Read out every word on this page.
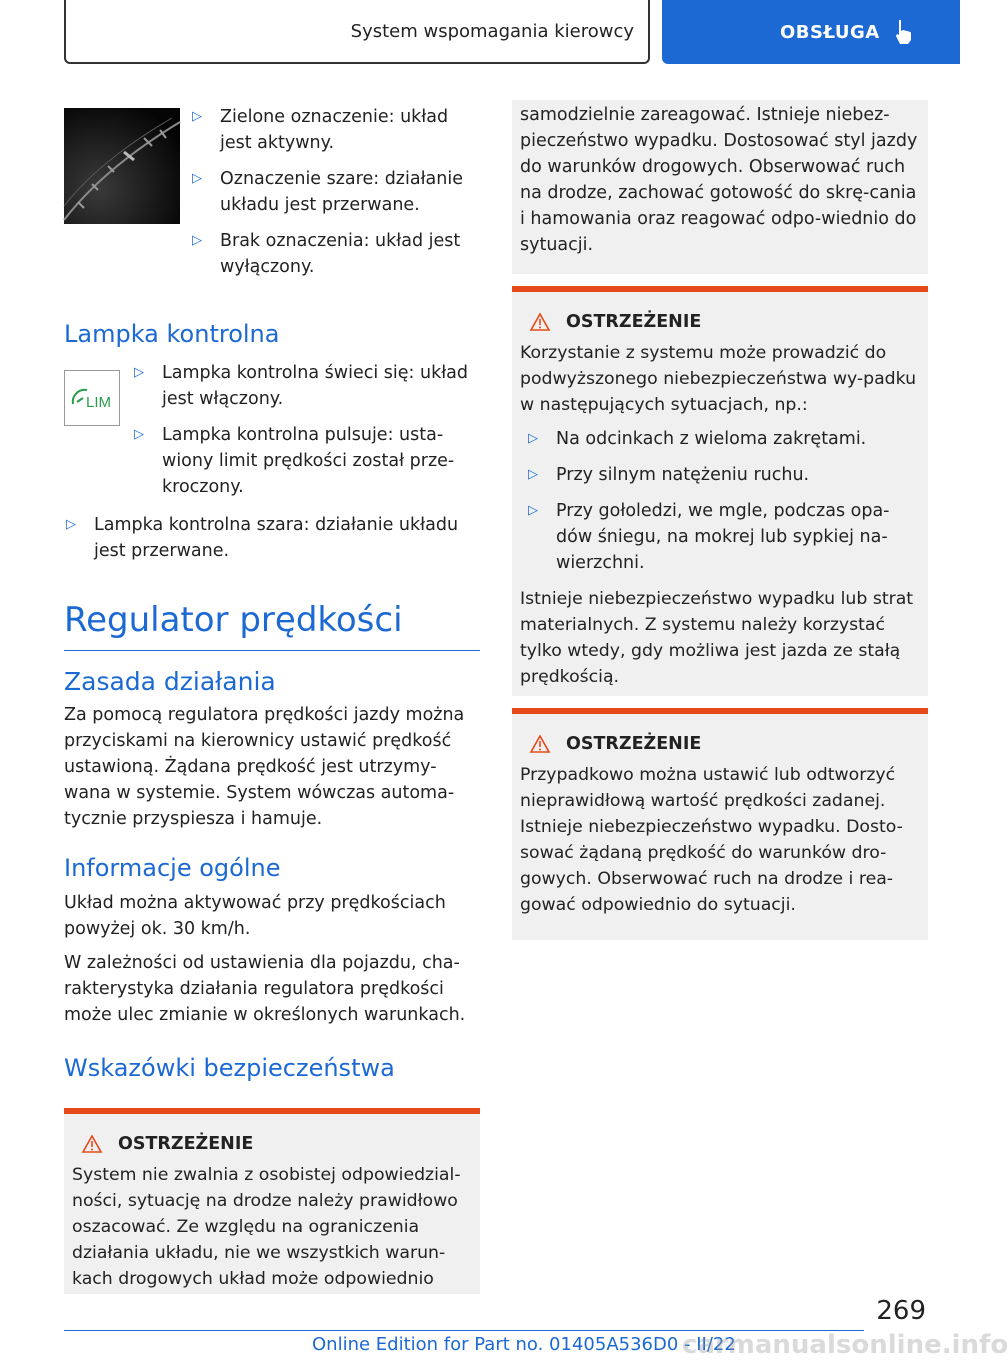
System wspomagania kierowcy	OBSŁUGA
▷	Zielone oznaczenie: układ jest aktywny.
▷	Oznaczenie szare: działanie układu jest przerwane.
▷	Brak oznaczenia: układ jest wyłączony.
Lampka kontrolna
LIM
▷	Lampka kontrolna świeci się: układ jest włączony.
▷	Lampka kontrolna pulsuje: usta-wiony limit prędkości został prze-kroczony.
▷	Lampka kontrolna szara: działanie układu jest przerwane.
Regulator prędkości
Zasada działania

Za pomocą regulatora prędkości jazdy można przyciskami na kierownicy ustawić prędkość ustawioną. Żądana prędkość jest utrzymy-wana w systemie. System wówczas automa-tycznie przyspiesza i hamuje.

Informacje ogólne

Układ można aktywować przy prędkościach powyżej ok. 30 km/h.

W zależności od ustawienia dla pojazdu, cha-rakterystyka działania regulatora prędkości może ulec zmianie w określonych warunkach.

Wskazówki bezpieczeństwa
OSTRZEŻENIE

System nie zwalnia z osobistej odpowiedzial-ności, sytuację na drodze należy prawidłowo oszacować. Ze względu na ograniczenia działania układu, nie we wszystkich warun-kach drogowych układ może odpowiednio

samodzielnie zareagować. Istnieje niebez-pieczeństwo wypadku. Dostosować styl jazdy do warunków drogowych. Obserwować ruch na drodze, zachować gotowość do skrę-cania i hamowania oraz reagować odpo-wiednio do sytuacji.

OSTRZEŻENIE

Korzystanie z systemu może prowadzić do podwyższonego niebezpieczeństwa wy-padku w następujących sytuacjach, np.:

▷	Na odcinkach z wieloma zakrętami.
▷	Przy silnym natężeniu ruchu.
▷	Przy gołoledzi, we mgle, podczas opa-dów śniegu, na mokrej lub sypkiej na-wierzchni.

Istnieje niebezpieczeństwo wypadku lub strat materialnych. Z systemu należy korzystać tylko wtedy, gdy możliwa jest jazda ze stałą prędkością.

OSTRZEŻENIE

Przypadkowo można ustawić lub odtworzyć nieprawidłową wartość prędkości zadanej. Istnieje niebezpieczeństwo wypadku. Dosto-sować żądaną prędkość do warunków dro-gowych. Obserwować ruch na drodze i rea-gować odpowiednio do sytuacji.

269
Online Edition for Part no. 01405A536D0 - II/22
carmanualsonline.info
